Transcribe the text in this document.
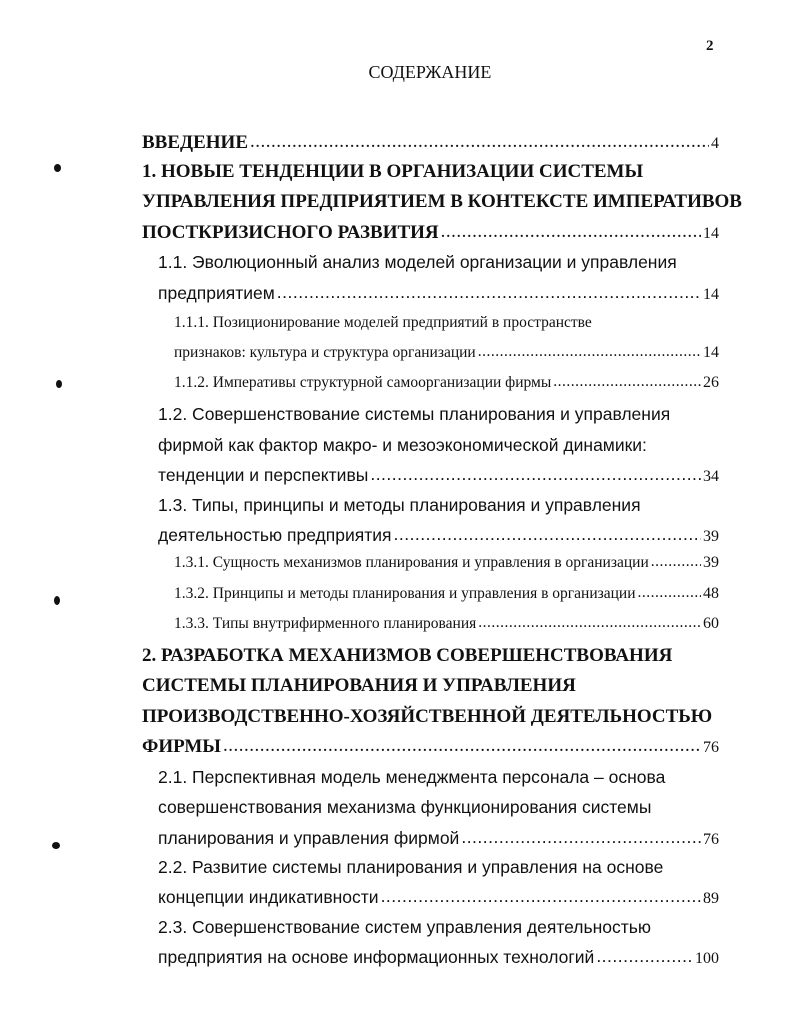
2
СОДЕРЖАНИЕ
ВВЕДЕНИЕ .....	4
1. НОВЫЕ ТЕНДЕНЦИИ В ОРГАНИЗАЦИИ СИСТЕМЫ
УПРАВЛЕНИЯ ПРЕДПРИЯТИЕМ В КОНТЕКСТЕ ИМПЕРАТИВОВ
ПОСТКРИЗИСНОГО РАЗВИТИЯ .....	14
1.1. Эволюционный анализ моделей организации и управления
предприятием .....	14
1.1.1. Позиционирование моделей предприятий в пространстве
признаков: культура и структура организации .....	14
1.1.2. Императивы структурной самоорганизации фирмы .....	26
1.2. Совершенствование системы планирования и управления
фирмой как фактор макро- и мезоэкономической динамики:
тенденции и перспективы .....	34
1.3. Типы, принципы и методы планирования и управления
деятельностью предприятия .....	39
1.3.1. Сущность механизмов планирования и управления в организации .....	39
1.3.2. Принципы и методы планирования и управления в организации .....	48
1.3.3. Типы внутрифирменного планирования .....	60
2. РАЗРАБОТКА МЕХАНИЗМОВ СОВЕРШЕНСТВОВАНИЯ
СИСТЕМЫ ПЛАНИРОВАНИЯ И УПРАВЛЕНИЯ
ПРОИЗВОДСТВЕННО-ХОЗЯЙСТВЕННОЙ ДЕЯТЕЛЬНОСТЬЮ
ФИРМЫ .....	76
2.1. Перспективная модель менеджмента персонала – основа
совершенствования механизма функционирования системы
планирования и управления фирмой .....	76
2.2. Развитие системы планирования и управления на основе
концепции индикативности .....	89
2.3. Совершенствование систем управления деятельностью
предприятия на основе информационных технологий .....	100
